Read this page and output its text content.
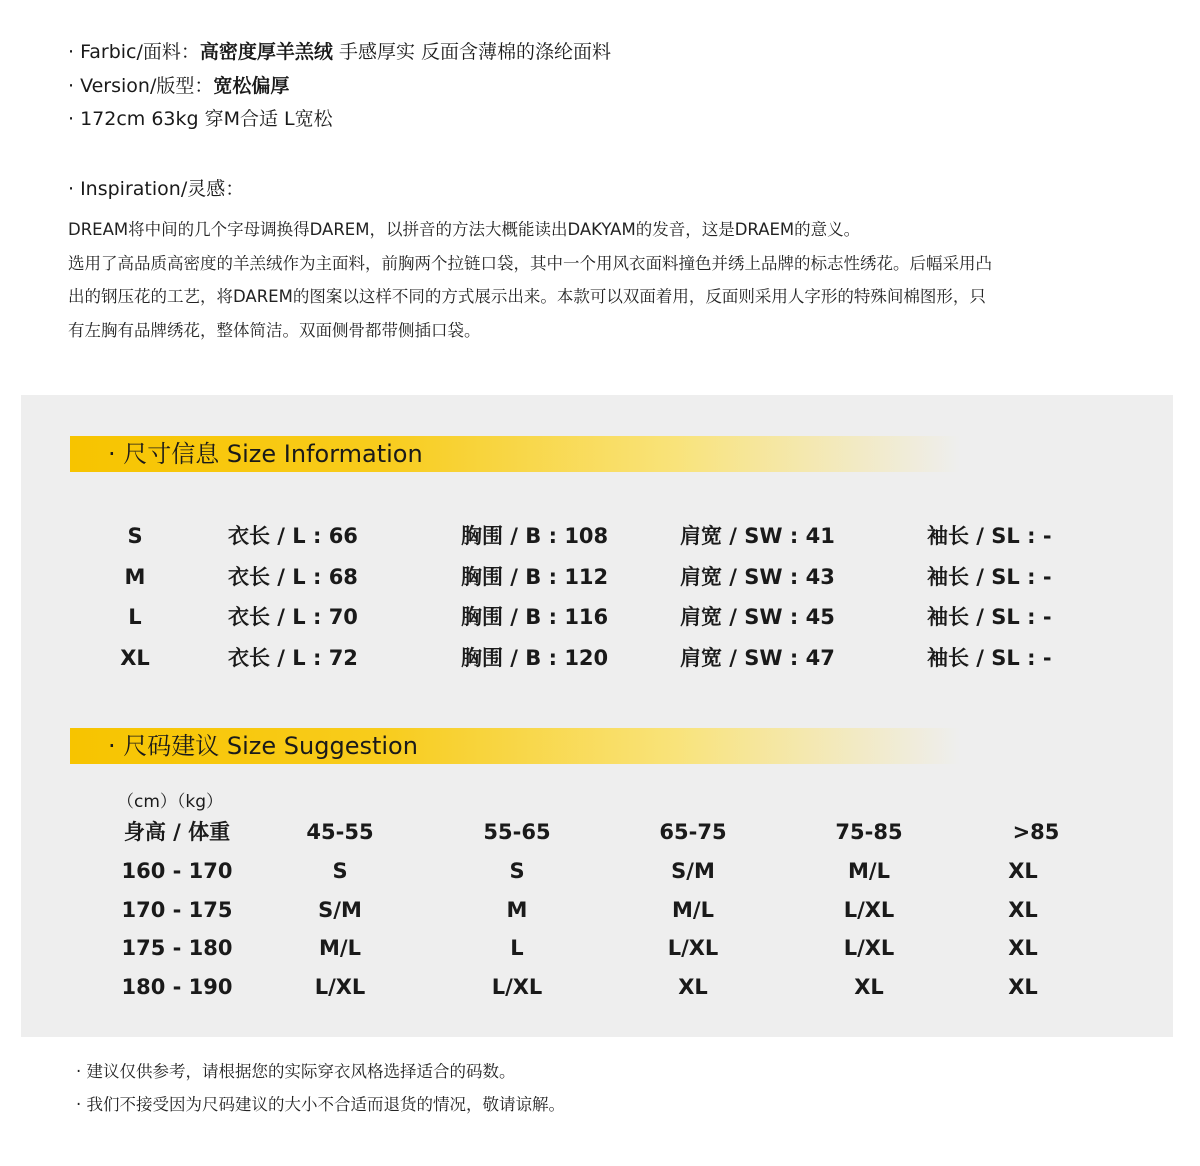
· Farbic/面料：高密度厚羊羔绒 手感厚实 反面含薄棉的涤纶面料
· Version/版型：宽松偏厚
· 172cm 63kg 穿M合适 L宽松
· Inspiration/灵感：
DREAM将中间的几个字母调换得DAREM，以拼音的方法大概能读出DAKYAM的发音，这是DRAEM的意义。
选用了高品质高密度的羊羔绒作为主面料，前胸两个拉链口袋，其中一个用风衣面料撞色并绣上品牌的标志性绣花。后幅采用凸
出的钢压花的工艺，将DAREM的图案以这样不同的方式展示出来。本款可以双面着用，反面则采用人字形的特殊间棉图形，只
有左胸有品牌绣花，整体简洁。双面侧骨都带侧插口袋。
· 尺寸信息 Size Information
S	衣长 / L : 66	胸围 / B : 108	肩宽 / SW : 41	袖长 / SL : -
M	衣长 / L : 68	胸围 / B : 112	肩宽 / SW : 43	袖长 / SL : -
L	衣长 / L : 70	胸围 / B : 116	肩宽 / SW : 45	袖长 / SL : -
XL	衣长 / L : 72	胸围 / B : 120	肩宽 / SW : 47	袖长 / SL : -
· 尺码建议 Size Suggestion
（cm）（kg）
身高 / 体重	45-55	55-65	65-75	75-85	>85
160 - 170	S	S	S/M	M/L	XL
170 - 175	S/M	M	M/L	L/XL	XL
175 - 180	M/L	L	L/XL	L/XL	XL
180 - 190	L/XL	L/XL	XL	XL	XL
· 建议仅供参考，请根据您的实际穿衣风格选择适合的码数。
· 我们不接受因为尺码建议的大小不合适而退货的情况，敬请谅解。
